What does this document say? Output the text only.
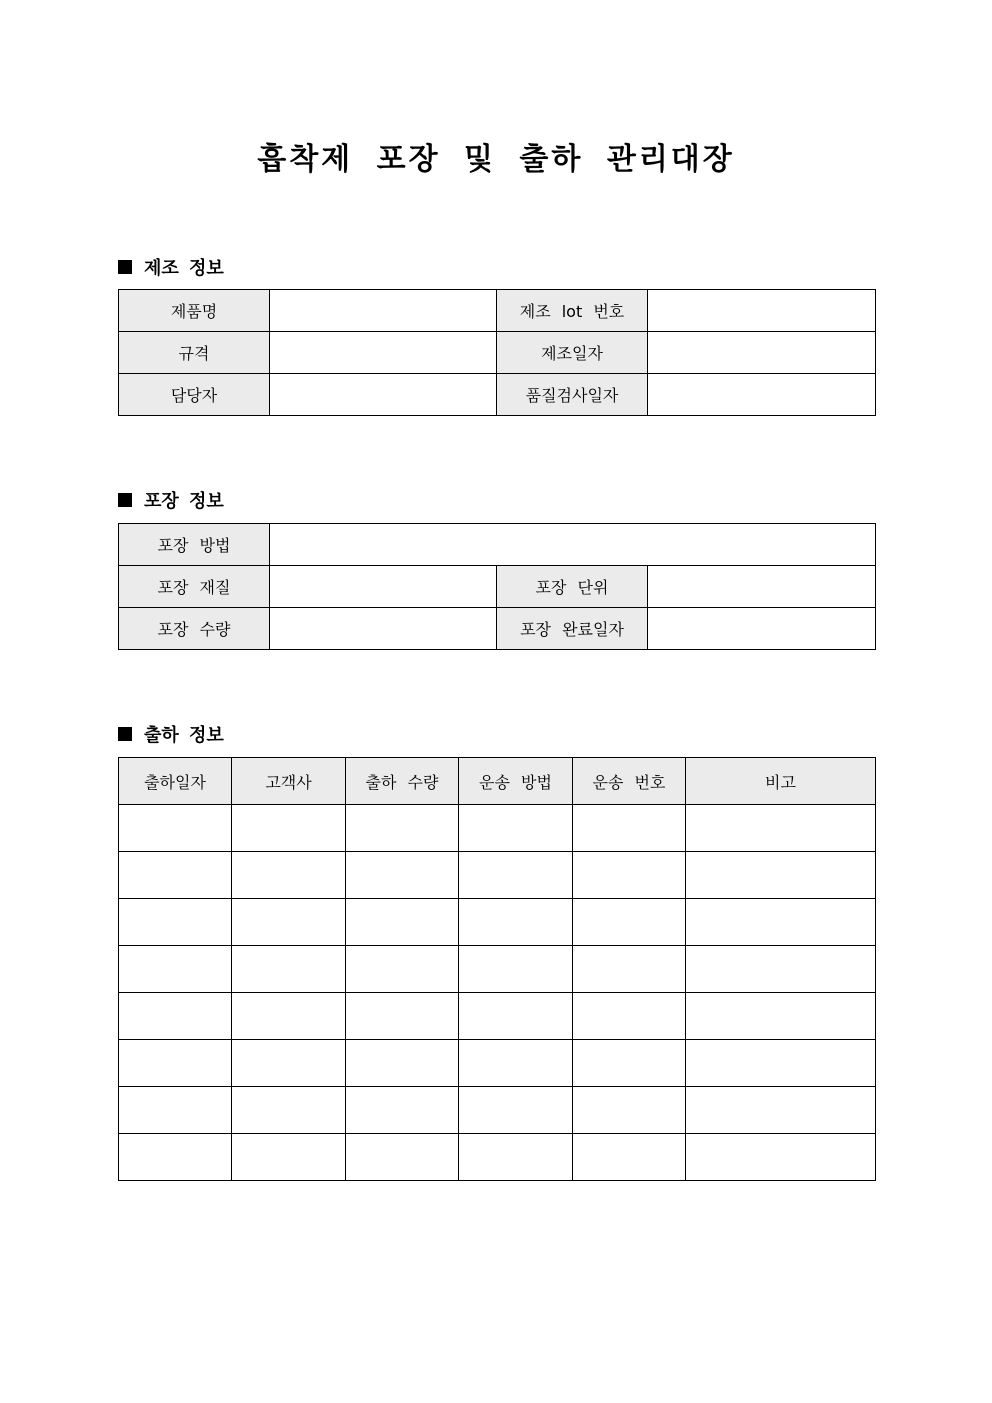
흡착제 포장 및 출하 관리대장
제조 정보
제품명		제조 lot 번호	
규격		제조일자	
담당자		품질검사일자	
포장 정보
포장 방법			
포장 재질		포장 단위	
포장 수량		포장 완료일자	
출하 정보
출하일자	고객사	출하 수량	운송 방법	운송 번호	비고
